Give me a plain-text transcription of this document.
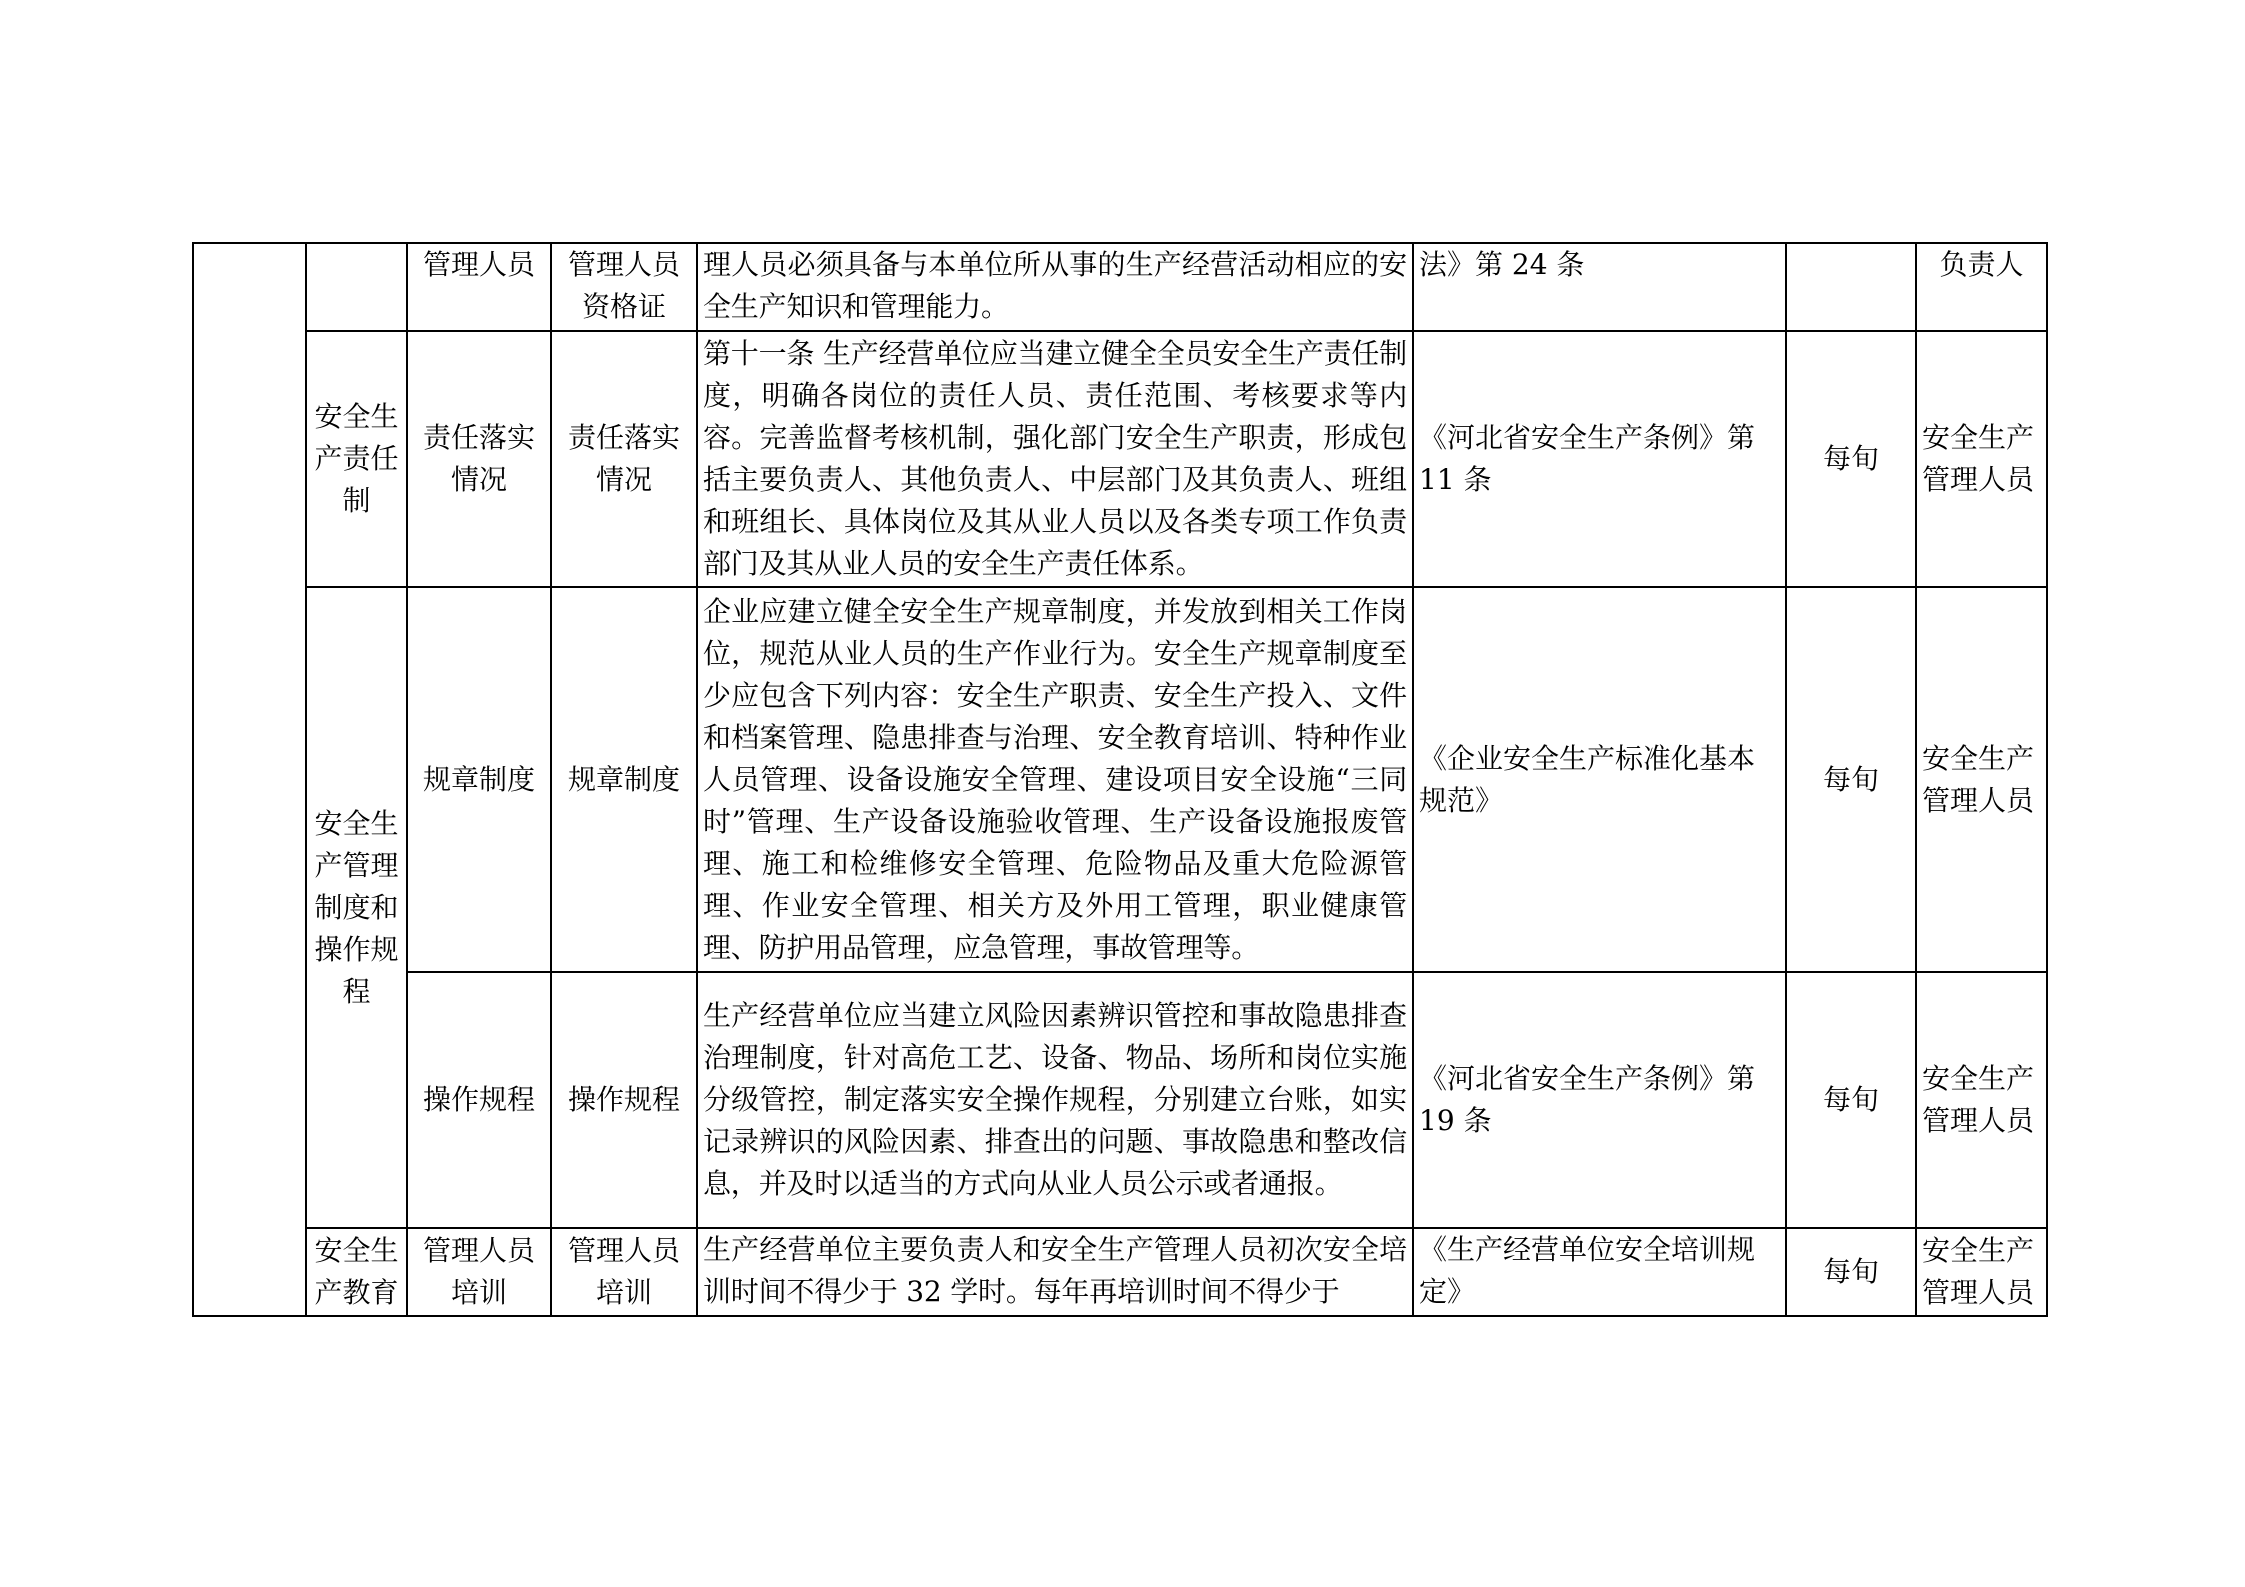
		管理人员	管理人员资格证	理人员必须具备与本单位所从事的生产经营活动相应的安全生产知识和管理能力。	法》第 24 条		负责人
	安全生产责任制	责任落实情况	责任落实情况	第十一条 生产经营单位应当建立健全全员安全生产责任制度，明确各岗位的责任人员、责任范围、考核要求等内容。完善监督考核机制，强化部门安全生产职责，形成包括主要负责人、其他负责人、中层部门及其负责人、班组和班组长、具体岗位及其从业人员以及各类专项工作负责部门及其从业人员的安全生产责任体系。	《河北省安全生产条例》第 11 条	每旬	安全生产管理人员
	安全生产管理制度和操作规程	规章制度	规章制度	企业应建立健全安全生产规章制度，并发放到相关工作岗位，规范从业人员的生产作业行为。安全生产规章制度至少应包含下列内容：安全生产职责、安全生产投入、文件和档案管理、隐患排查与治理、安全教育培训、特种作业人员管理、设备设施安全管理、建设项目安全设施“三同时”管理、生产设备设施验收管理、生产设备设施报废管理、施工和检维修安全管理、危险物品及重大危险源管理、作业安全管理、相关方及外用工管理，职业健康管理、防护用品管理，应急管理，事故管理等。	《企业安全生产标准化基本规范》	每旬	安全生产管理人员
		操作规程	操作规程	生产经营单位应当建立风险因素辨识管控和事故隐患排查治理制度，针对高危工艺、设备、物品、场所和岗位实施分级管控，制定落实安全操作规程，分别建立台账，如实记录辨识的风险因素、排查出的问题、事故隐患和整改信息，并及时以适当的方式向从业人员公示或者通报。	《河北省安全生产条例》第 19 条	每旬	安全生产管理人员
	安全生产教育	管理人员培训	管理人员培训	生产经营单位主要负责人和安全生产管理人员初次安全培训时间不得少于 32 学时。每年再培训时间不得少于	《生产经营单位安全培训规定》	每旬	安全生产管理人员
